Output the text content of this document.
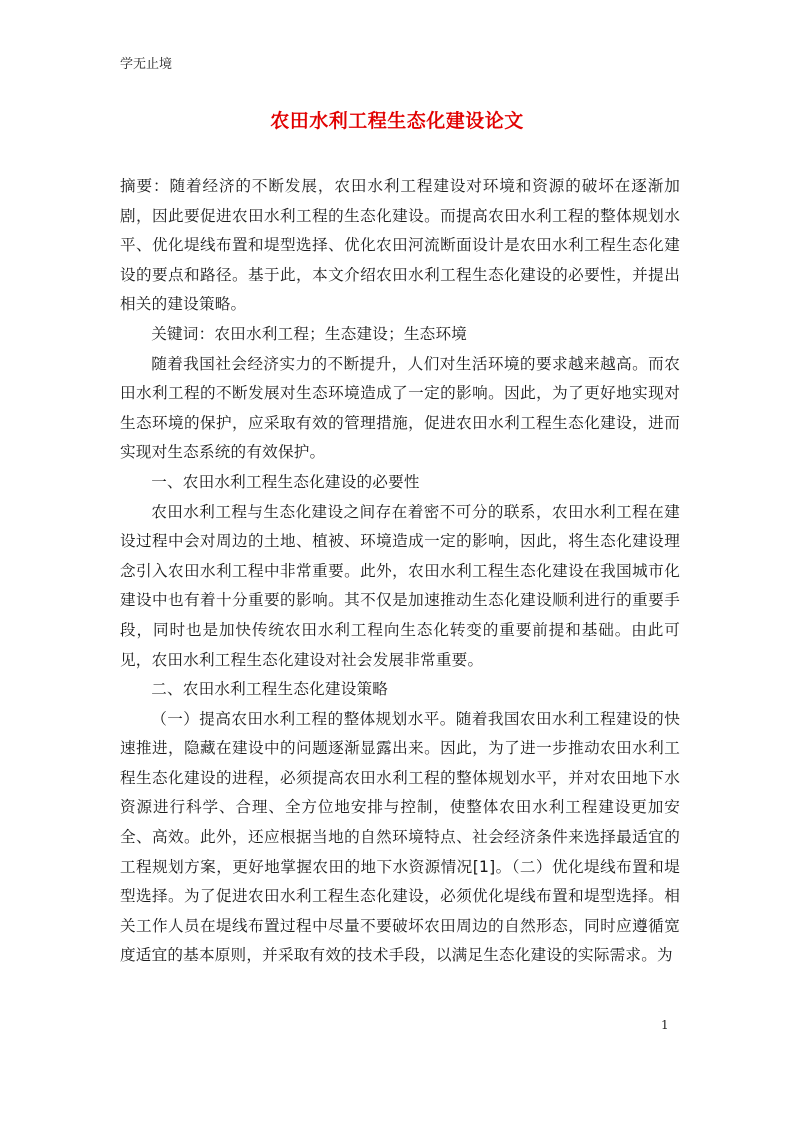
学无止境
农田水利工程生态化建设论文

摘要：随着经济的不断发展，农田水利工程建设对环境和资源的破坏在逐渐加剧，因此要促进农田水利工程的生态化建设。而提高农田水利工程的整体规划水平、优化堤线布置和堤型选择、优化农田河流断面设计是农田水利工程生态化建设的要点和路径。基于此，本文介绍农田水利工程生态化建设的必要性，并提出相关的建设策略。

关键词：农田水利工程；生态建设；生态环境

随着我国社会经济实力的不断提升，人们对生活环境的要求越来越高。而农田水利工程的不断发展对生态环境造成了一定的影响。因此，为了更好地实现对生态环境的保护，应采取有效的管理措施，促进农田水利工程生态化建设，进而实现对生态系统的有效保护。

一、农田水利工程生态化建设的必要性

农田水利工程与生态化建设之间存在着密不可分的联系，农田水利工程在建设过程中会对周边的土地、植被、环境造成一定的影响，因此，将生态化建设理念引入农田水利工程中非常重要。此外，农田水利工程生态化建设在我国城市化建设中也有着十分重要的影响。其不仅是加速推动生态化建设顺利进行的重要手段，同时也是加快传统农田水利工程向生态化转变的重要前提和基础。由此可见，农田水利工程生态化建设对社会发展非常重要。

二、农田水利工程生态化建设策略

（一）提高农田水利工程的整体规划水平。随着我国农田水利工程建设的快速推进，隐藏在建设中的问题逐渐显露出来。因此，为了进一步推动农田水利工程生态化建设的进程，必须提高农田水利工程的整体规划水平，并对农田地下水资源进行科学、合理、全方位地安排与控制，使整体农田水利工程建设更加安全、高效。此外，还应根据当地的自然环境特点、社会经济条件来选择最适宜的工程规划方案，更好地掌握农田的地下水资源情况[1]。（二）优化堤线布置和堤型选择。为了促进农田水利工程生态化建设，必须优化堤线布置和堤型选择。相关工作人员在堤线布置过程中尽量不要破坏农田周边的自然形态，同时应遵循宽度适宜的基本原则，并采取有效的技术手段，以满足生态化建设的实际需求。为

1
